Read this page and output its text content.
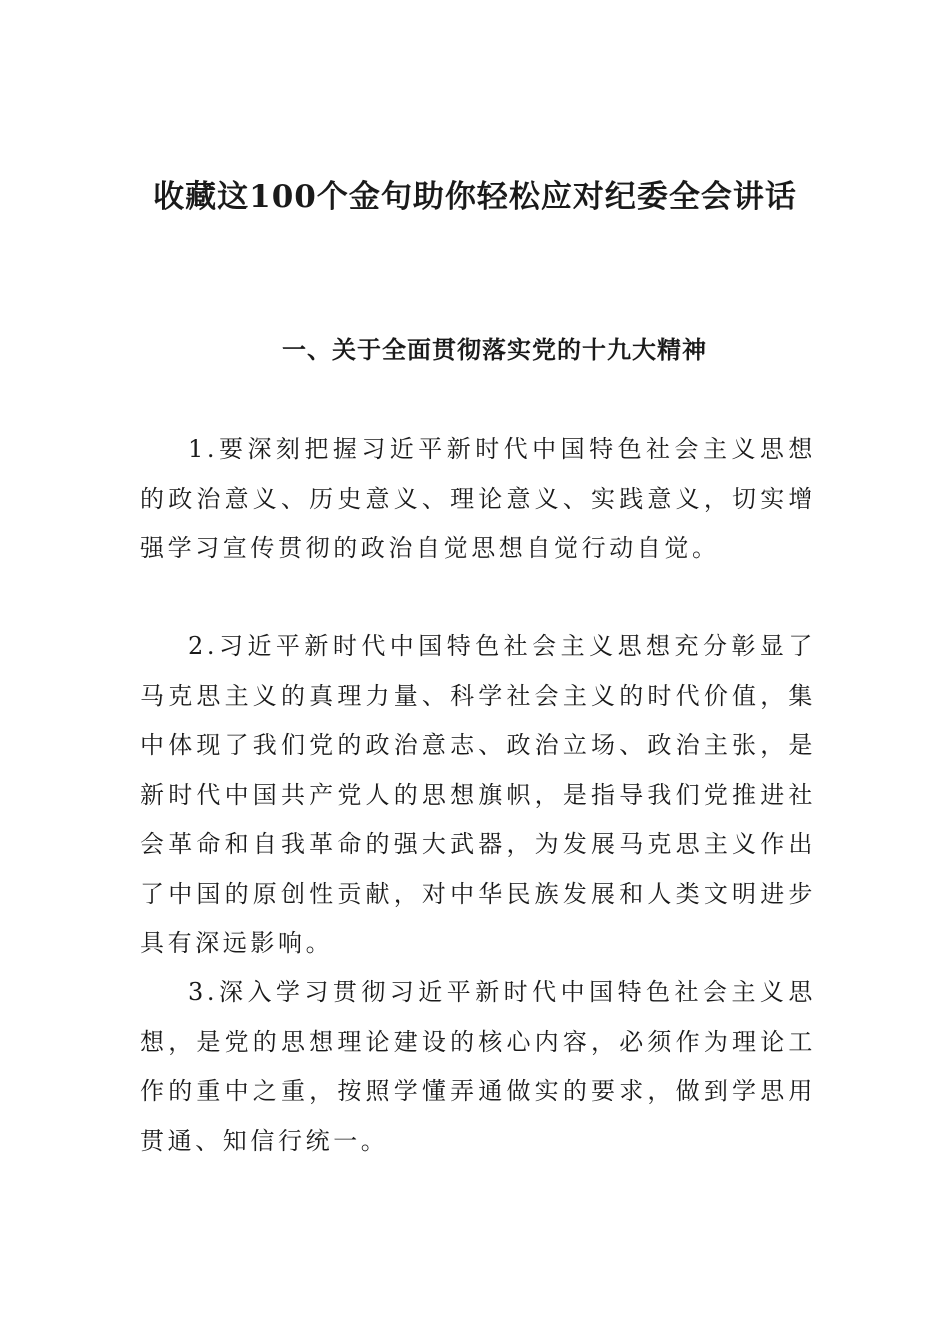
收藏这100个金句助你轻松应对纪委全会讲话
一、关于全面贯彻落实党的十九大精神

1.要深刻把握习近平新时代中国特色社会主义思想的政治意义、历史意义、理论意义、实践意义，切实增强学习宣传贯彻的政治自觉思想自觉行动自觉。

2.习近平新时代中国特色社会主义思想充分彰显了马克思主义的真理力量、科学社会主义的时代价值，集中体现了我们党的政治意志、政治立场、政治主张，是新时代中国共产党人的思想旗帜，是指导我们党推进社会革命和自我革命的强大武器，为发展马克思主义作出了中国的原创性贡献，对中华民族发展和人类文明进步具有深远影响。

3.深入学习贯彻习近平新时代中国特色社会主义思想，是党的思想理论建设的核心内容，必须作为理论工作的重中之重，按照学懂弄通做实的要求，做到学思用贯通、知信行统一。
